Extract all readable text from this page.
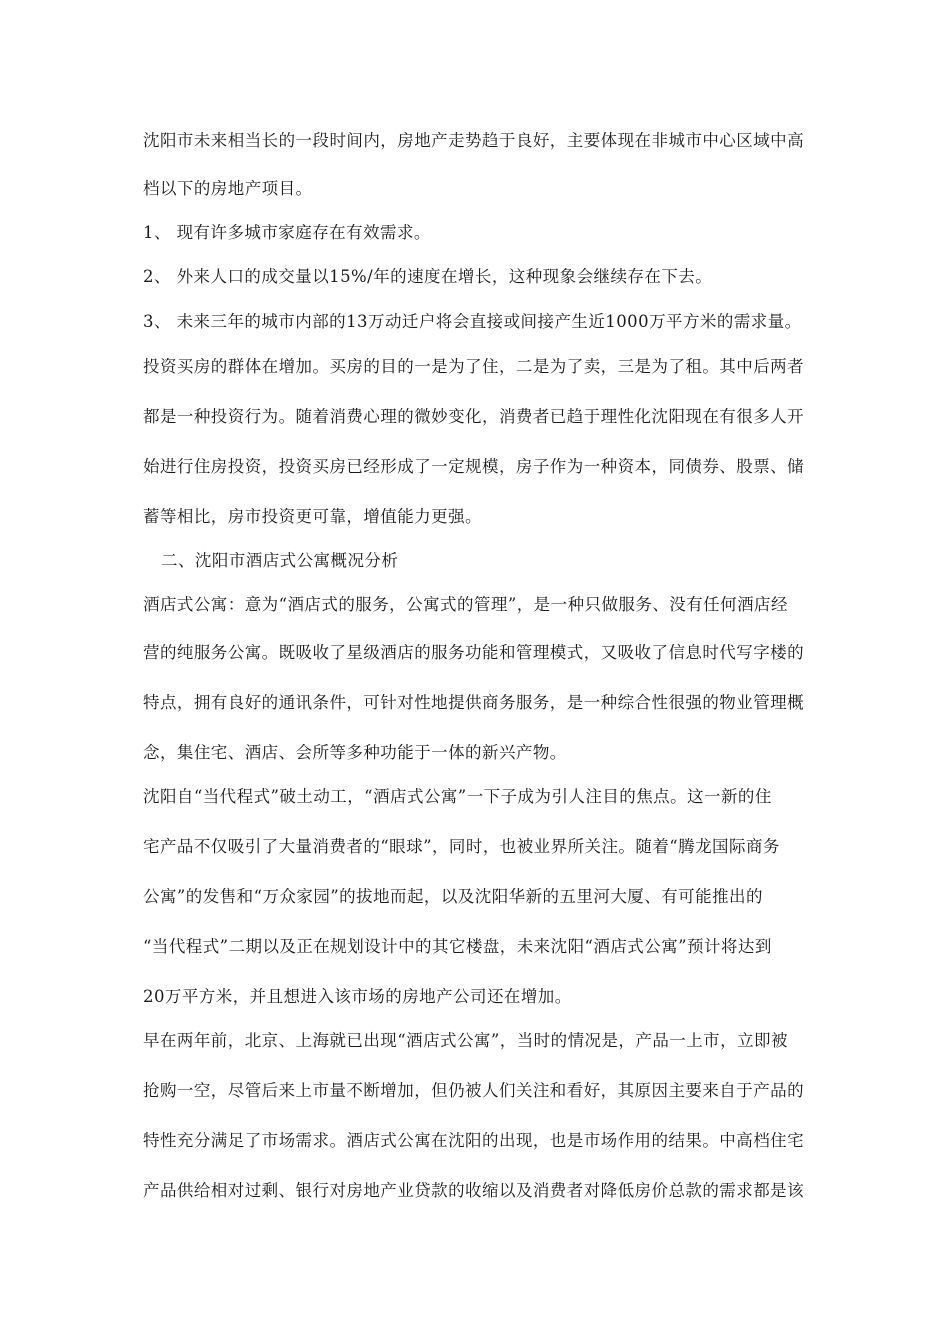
沈阳市未来相当长的一段时间内，房地产走势趋于良好，主要体现在非城市中心区域中高
档以下的房地产项目。
1、 现有许多城市家庭存在有效需求。
2、 外来人口的成交量以15%/年的速度在增长，这种现象会继续存在下去。
3、 未来三年的城市内部的13万动迁户将会直接或间接产生近1000万平方米的需求量。
投资买房的群体在增加。买房的目的一是为了住，二是为了卖，三是为了租。其中后两者
都是一种投资行为。随着消费心理的微妙变化，消费者已趋于理性化沈阳现在有很多人开
始进行住房投资，投资买房已经形成了一定规模，房子作为一种资本，同债券、股票、储
蓄等相比，房市投资更可靠，增值能力更强。
二、沈阳市酒店式公寓概况分析
酒店式公寓：意为“酒店式的服务，公寓式的管理”，是一种只做服务、没有任何酒店经
营的纯服务公寓。既吸收了星级酒店的服务功能和管理模式，又吸收了信息时代写字楼的
特点，拥有良好的通讯条件，可针对性地提供商务服务，是一种综合性很强的物业管理概
念，集住宅、酒店、会所等多种功能于一体的新兴产物。
沈阳自“当代程式”破土动工，“酒店式公寓”一下子成为引人注目的焦点。这一新的住
宅产品不仅吸引了大量消费者的“眼球”，同时，也被业界所关注。随着“腾龙国际商务
公寓”的发售和“万众家园”的拔地而起，以及沈阳华新的五里河大厦、有可能推出的
“当代程式”二期以及正在规划设计中的其它楼盘，未来沈阳“酒店式公寓”预计将达到
20万平方米，并且想进入该市场的房地产公司还在增加。
早在两年前，北京、上海就已出现“酒店式公寓”，当时的情况是，产品一上市，立即被
抢购一空，尽管后来上市量不断增加，但仍被人们关注和看好，其原因主要来自于产品的
特性充分满足了市场需求。酒店式公寓在沈阳的出现，也是市场作用的结果。中高档住宅
产品供给相对过剩、银行对房地产业贷款的收缩以及消费者对降低房价总款的需求都是该
